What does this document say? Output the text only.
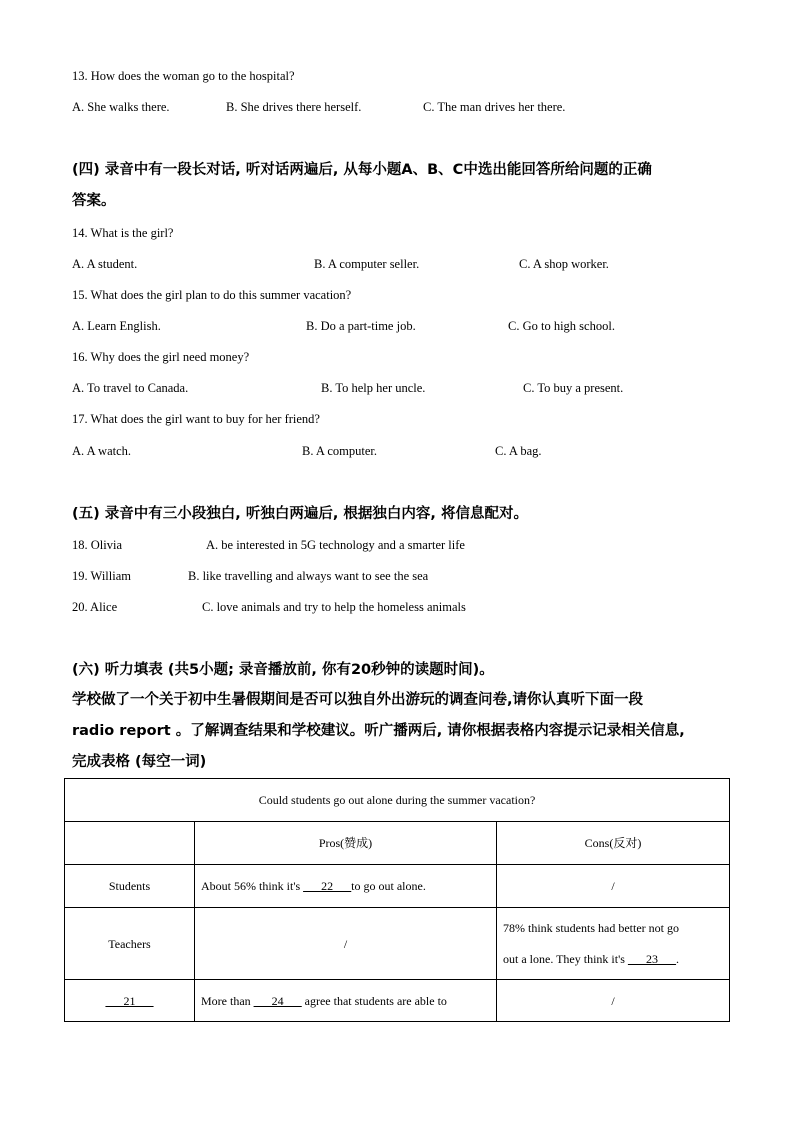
13. How does the woman go to the hospital?
A. She walks there.	B. She drives there herself.	C. The man drives her there.
(四) 录音中有一段长对话, 听对话两遍后, 从每小题A、B、C中选出能回答所给问题的正确
答案。
14. What is the girl?
A. A student.	B. A computer seller.	C. A shop worker.
15. What does the girl plan to do this summer vacation?
A. Learn English.	B. Do a part-time job.	C. Go to high school.
16. Why does the girl need money?
A. To travel to Canada.	B. To help her uncle.	C. To buy a present.
17. What does the girl want to buy for her friend?
A. A watch.	B. A computer.	C. A bag.
(五) 录音中有三小段独白, 听独白两遍后, 根据独白内容, 将信息配对。
18. Olivia	A. be interested in 5G technology and a smarter life
19. William	B. like travelling and always want to see the sea
20. Alice	C. love animals and try to help the homeless animals
(六) 听力填表 (共5小题; 录音播放前, 你有20秒钟的读题时间)。
学校做了一个关于初中生暑假期间是否可以独自外出游玩的调查问卷,请你认真听下面一段
radio report 。了解调查结果和学校建议。听广播两后, 请你根据表格内容提示记录相关信息,
完成表格 (每空一词)
Could students go out alone during the summer vacation?		
	Pros(赞成)	Cons(反对)
Students	About 56% think it's ___22___to go out alone.	/
Teachers	/	78% think students had better not go
out a lone. They think it's ___23___.
___21___	More than ___24___ agree that students are able to	/
